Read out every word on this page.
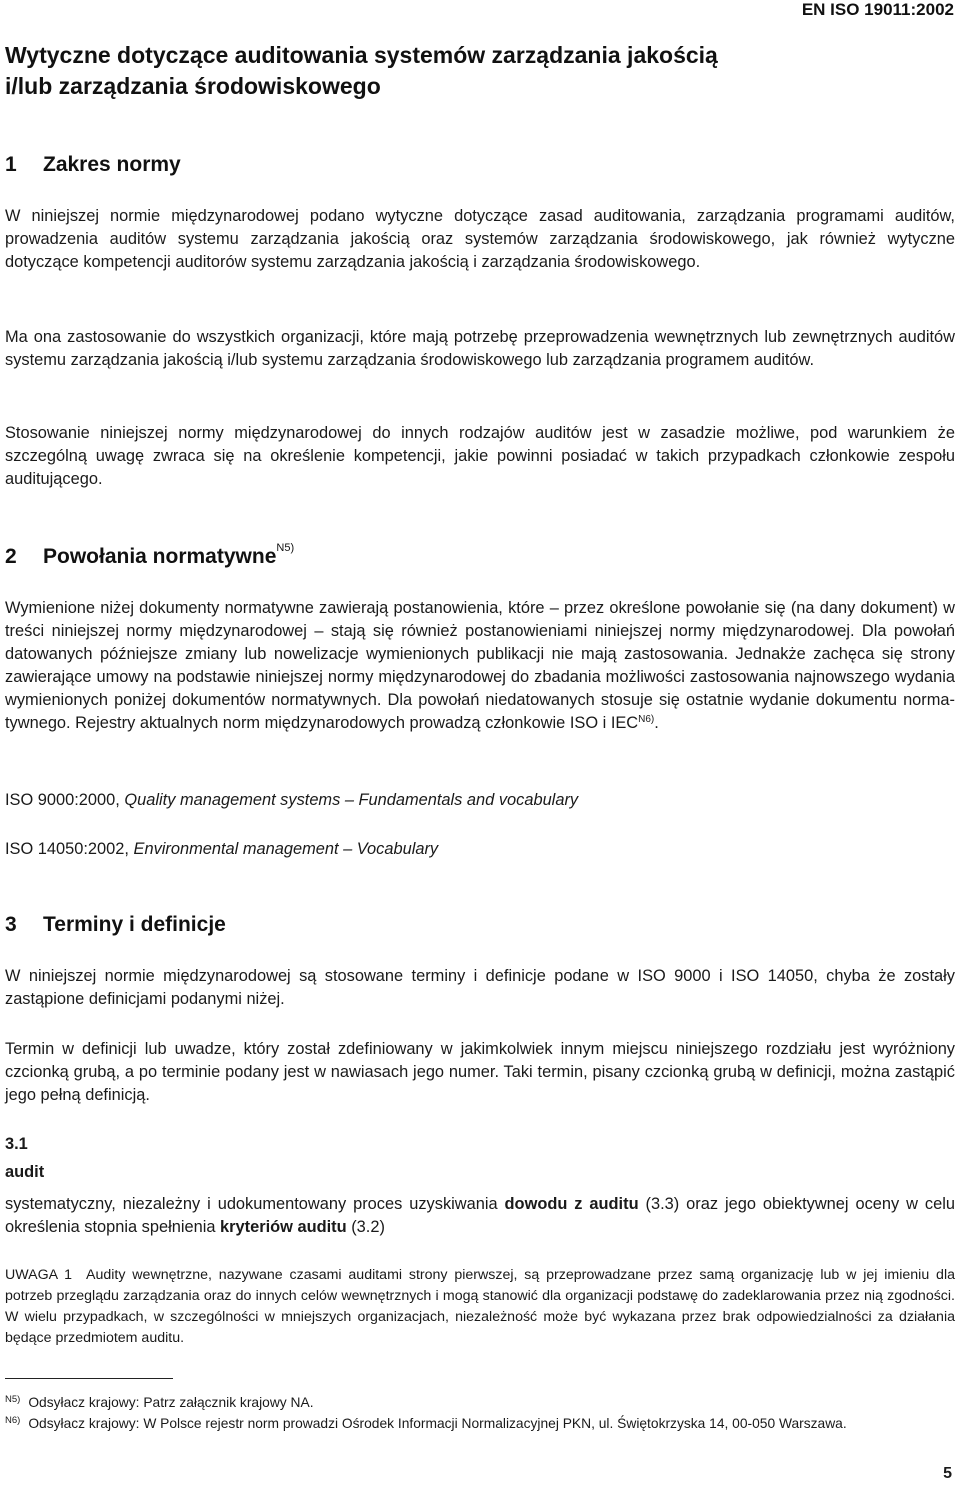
EN ISO 19011:2002
Wytyczne dotyczące auditowania systemów zarządzania jakością
i/lub zarządzania środowiskowego
1 Zakres normy
W niniejszej normie międzynarodowej podano wytyczne dotyczące zasad auditowania, zarządzania programami auditów, prowadzenia auditów systemu zarządzania jakością oraz systemów zarządzania środowiskowego, jak również wytyczne dotyczące kompetencji auditorów systemu zarządzania jakością i zarządzania środowiskowego.
Ma ona zastosowanie do wszystkich organizacji, które mają potrzebę przeprowadzenia wewnętrznych lub zewnętrznych auditów systemu zarządzania jakością i/lub systemu zarządzania środowiskowego lub zarządzania programem auditów.
Stosowanie niniejszej normy międzynarodowej do innych rodzajów auditów jest w zasadzie możliwe, pod warunkiem że szczególną uwagę zwraca się na określenie kompetencji, jakie powinni posiadać w takich przypadkach członkowie zespołu auditującego.
2 Powołania normatywne$^{N5)}$
Wymienione niżej dokumenty normatywne zawierają postanowienia, które – przez określone powołanie się (na dany dokument) w treści niniejszej normy międzynarodowej – stają się również postanowieniami niniejszej normy międzynarodowej. Dla powołań datowanych późniejsze zmiany lub nowelizacje wymienionych publikacji nie mają zastosowania. Jednakże zachęca się strony zawierające umowy na podstawie niniejszej normy międzynarodowej do zbadania możliwości zastosowania najnowszego wydania wymienionych poniżej dokumentów normatywnych. Dla powołań niedatowanych stosuje się ostatnie wydanie dokumentu normatywnego. Rejestry aktualnych norm międzynarodowych prowadzą członkowie ISO i $IEC^{N6)}$.
ISO 9000:2000, Quality management systems – Fundamentals and vocabulary
ISO 14050:2002, Environmental management – Vocabulary
3 Terminy i definicje
W niniejszej normie międzynarodowej są stosowane terminy i definicje podane w ISO 9000 i ISO 14050, chyba że zostały zastąpione definicjami podanymi niżej.
Termin w definicji lub uwadze, który został zdefiniowany w jakimkolwiek innym miejscu niniejszego rozdziału jest wyróżniony czcionką grubą, a po terminie podany jest w nawiasach jego numer. Taki termin, pisany czcionką grubą w definicji, można zastąpić jego pełną definicją.
3.1
audit
systematyczny, niezależny i udokumentowany proces uzyskiwania dowodu z auditu (3.3) oraz jego obiektywnej oceny w celu określenia stopnia spełnienia kryteriów auditu (3.2)
UWAGA 1 Audity wewnętrzne, nazywane czasami auditami strony pierwszej, są przeprowadzane przez samą organizację lub w jej imieniu dla potrzeb przeglądu zarządzania oraz do innych celów wewnętrznych i mogą stanowić dla organizacji podstawę do zadeklarowania przez nią zgodności. W wielu przypadkach, w szczególności w mniejszych organizacjach, niezależność może być wykazana przez brak odpowiedzialności za działania będące przedmiotem auditu.
$^{N5)}$ Odsyłacz krajowy: Patrz załącznik krajowy NA.
$^{N6)}$ Odsyłacz krajowy: W Polsce rejestr norm prowadzi Ośrodek Informacji Normalizacyjnej PKN, ul. Świętokrzyska 14, 00-050 Warszawa.
5
